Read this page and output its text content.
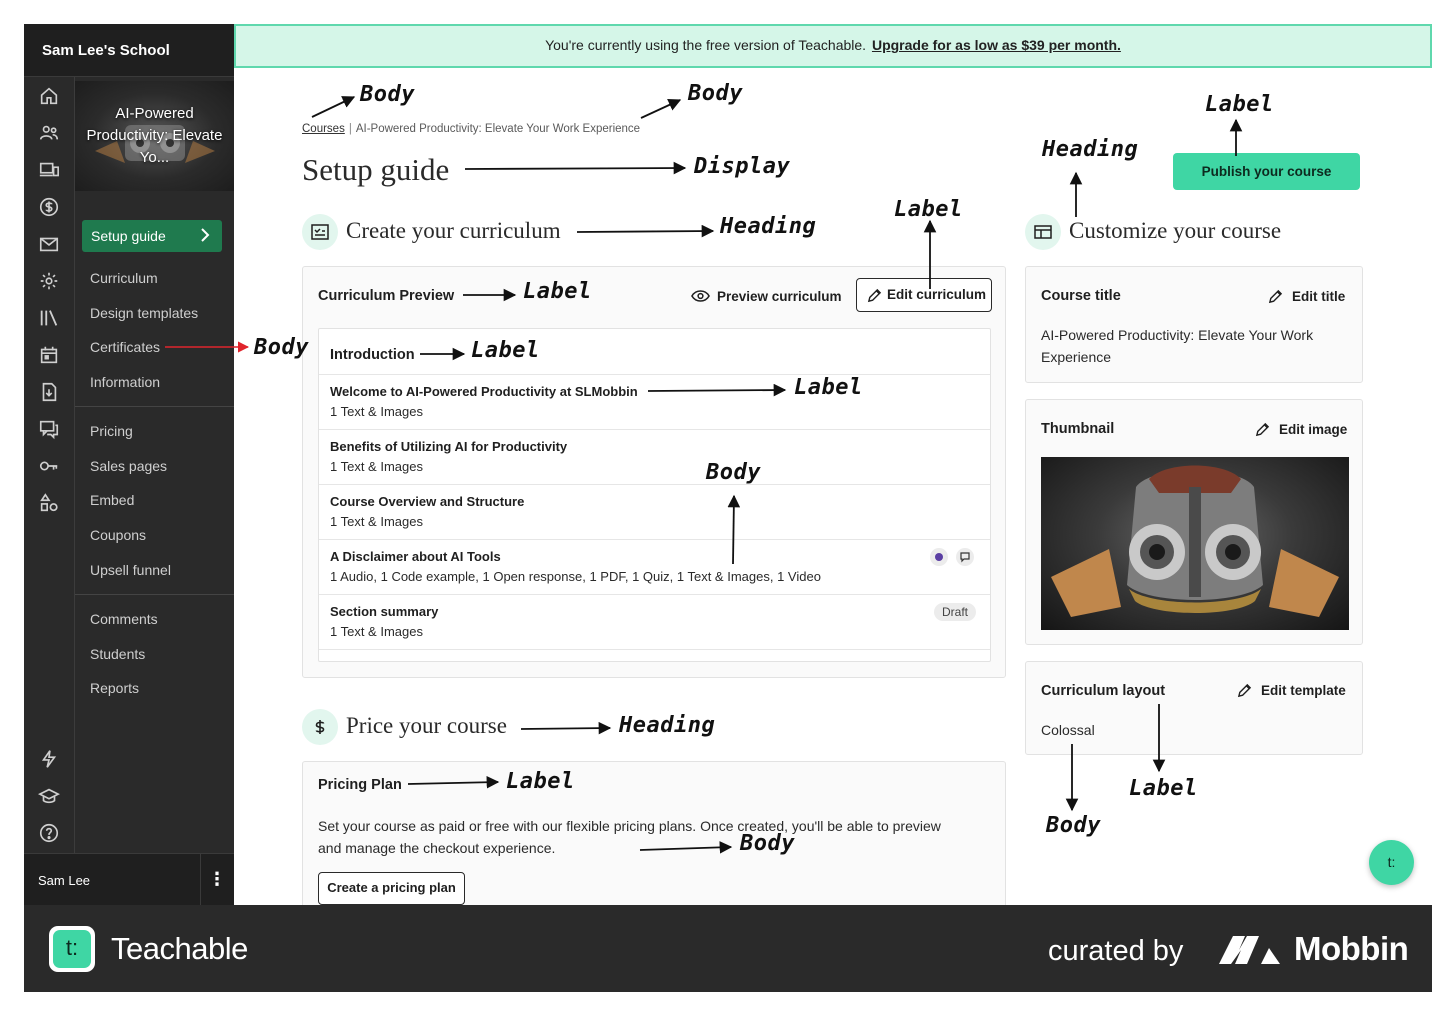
Sam Lee's School
AI-Powered Productivity: Elevate Yo...
Setup guide
Curriculum
Design templates
Certificates
Information
Pricing
Sales pages
Embed
Coupons
Upsell funnel
Comments
Students
Reports
Sam Lee	⋮
You're currently using the free version of Teachable. Upgrade for as low as $39 per month.
Courses | AI-Powered Productivity: Elevate Your Work Experience
Setup guide	Publish your course
Create your curriculum
Curriculum Preview	Preview curriculum	Edit curriculum
Introduction
Welcome to AI-Powered Productivity at SLMobbin
1 Text & Images
Benefits of Utilizing AI for Productivity
1 Text & Images
Course Overview and Structure
1 Text & Images
A Disclaimer about AI Tools
1 Audio, 1 Code example, 1 Open response, 1 PDF, 1 Quiz, 1 Text & Images, 1 Video
Section summary
1 Text & Images
Draft
Price your course
Pricing Plan
Set your course as paid or free with our flexible pricing plans. Once created, you'll be able to preview and manage the checkout experience.
Create a pricing plan
Customize your course
Course title	Edit title
AI-Powered Productivity: Elevate Your Work Experience
Thumbnail	Edit image
Curriculum layout	Edit template
Colossal
t:
Body	Body
Display
Heading
Label
Heading
Label
Label
Label
Label
Body
Body
Heading
Label
Body
Body
Label
t:	Teachable	curated by	Mobbin
